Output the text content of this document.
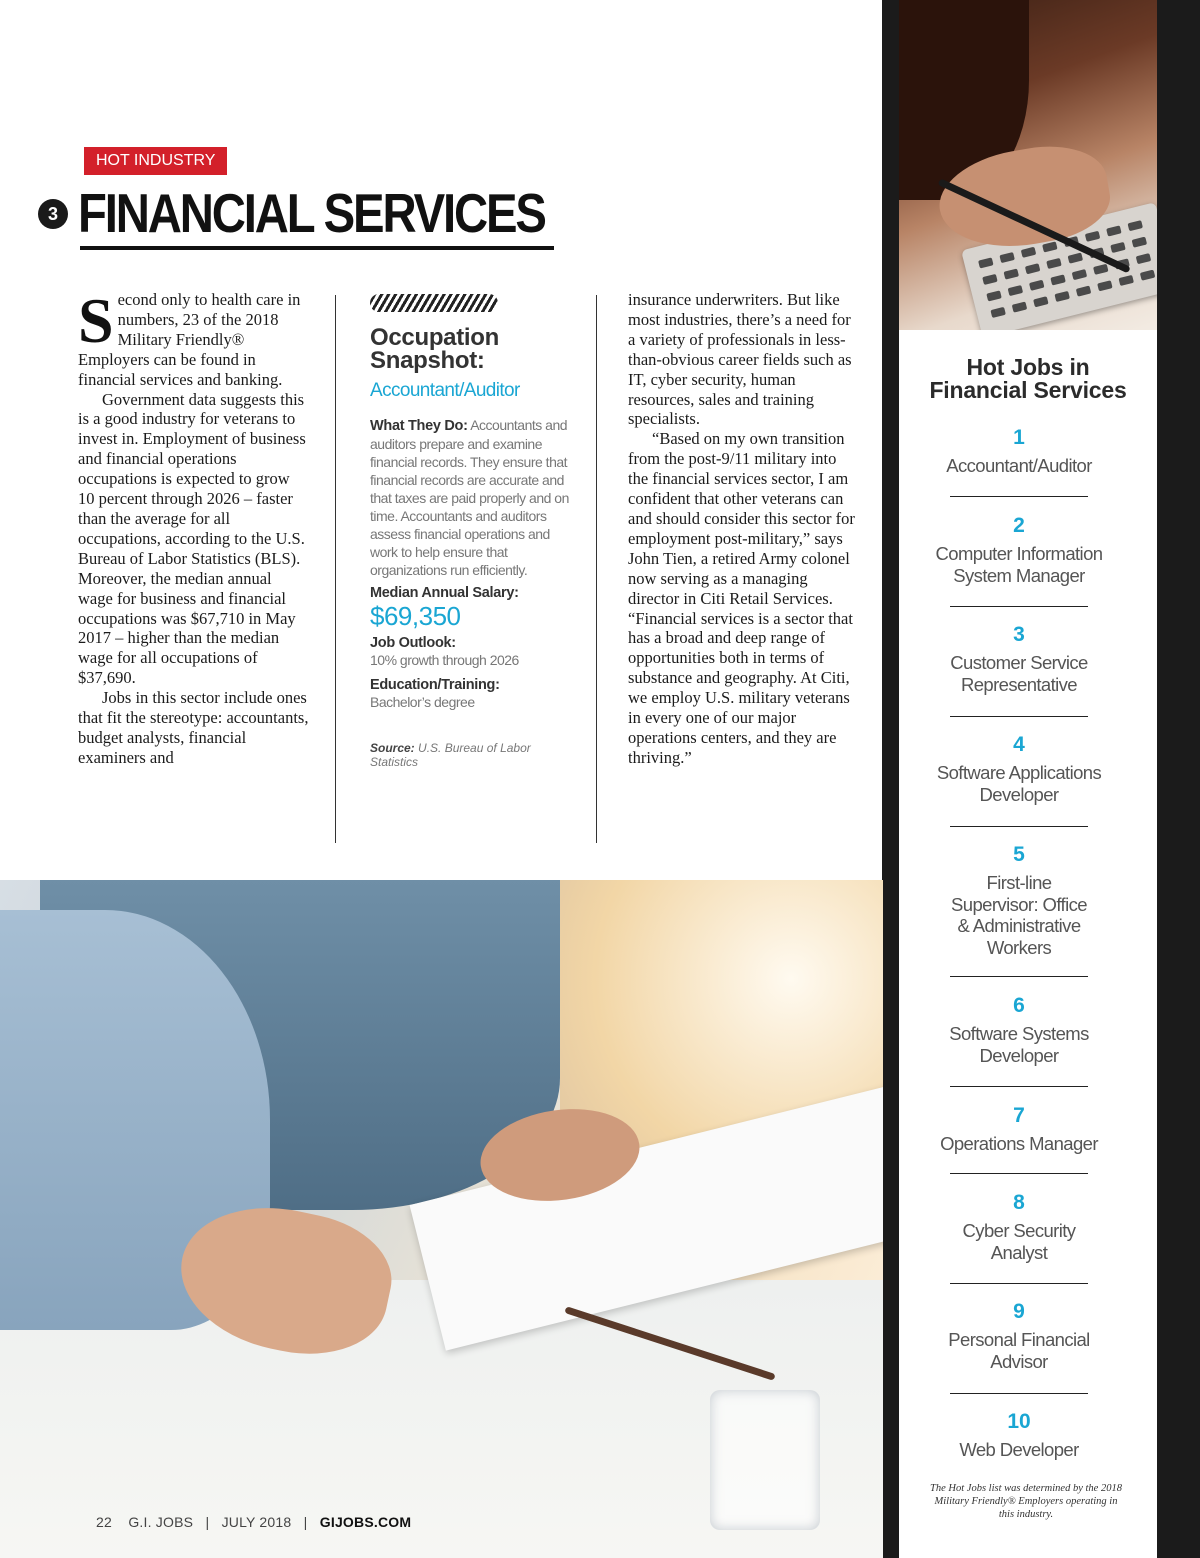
Hot Jobs in
Financial Services
1
Accountant/Auditor
2
Computer Information System Manager
3
Customer Service Representative
4
Software Applications Developer
5
First-line Supervisor: Office & Administrative Workers
6
Software Systems Developer
7
Operations Manager
8
Cyber Security Analyst
9
Personal Financial Advisor
10
Web Developer
The Hot Jobs list was determined by the 2018 Military Friendly® Employers operating in this industry.
HOT INDUSTRY
3 FINANCIAL SERVICES

Second only to health care in numbers, 23 of the 2018 Military Friendly® Employers can be found in financial services and banking.

Government data suggests this is a good industry for veterans to invest in. Employment of business and financial operations occupations is expected to grow 10 percent through 2026 – faster than the average for all occupations, according to the U.S. Bureau of Labor Statistics (BLS). Moreover, the median annual wage for business and financial occupations was $67,710 in May 2017 – higher than the median wage for all occupations of $37,690.

Jobs in this sector include ones that fit the stereotype: accountants, budget analysts, financial examiners and

Occupation Snapshot:
Accountant/Auditor
What They Do: Accountants and auditors prepare and examine financial records. They ensure that financial records are accurate and that taxes are paid properly and on time. Accountants and auditors assess financial operations and work to help ensure that organizations run efficiently.
Median Annual Salary:
$69,350
Job Outlook:
10% growth through 2026
Education/Training:
Bachelor’s degree
Source: U.S. Bureau of Labor Statistics

insurance underwriters. But like most industries, there’s a need for a variety of professionals in less-than-obvious career fields such as IT, cyber security, human resources, sales and training specialists.

“Based on my own transition from the post-9/11 military into the financial services sector, I am confident that other veterans can and should consider this sector for employment post-military,” says John Tien, a retired Army colonel now serving as a managing director in Citi Retail Services. “Financial services is a sector that has a broad and deep range of opportunities both in terms of substance and geography. At Citi, we employ U.S. military veterans in every one of our major operations centers, and they are thriving.”

22 G.I. JOBS | JULY 2018 | GIJOBS.COM
